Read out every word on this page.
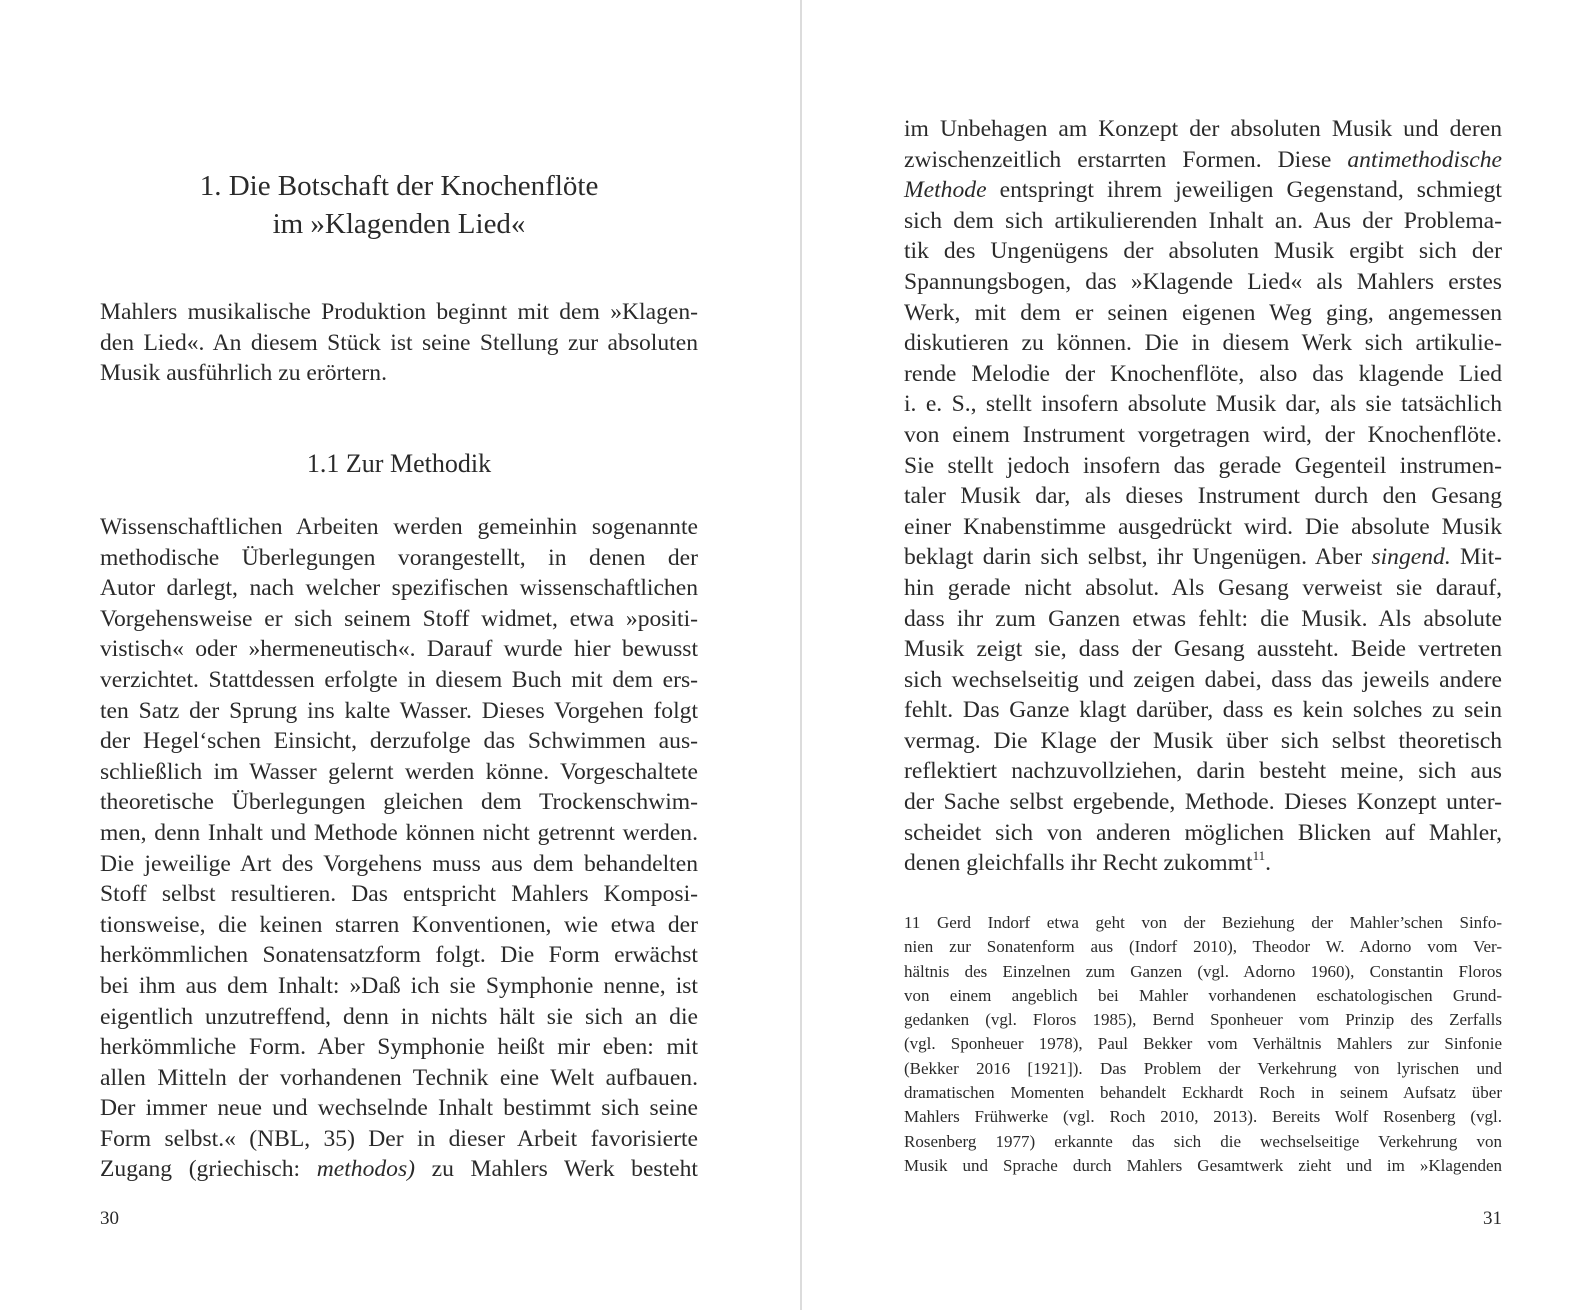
1. Die Botschaft der Knochenflöte
im »Klagenden Lied«
Mahlers musikalische Produktion beginnt mit dem »Klagen-
den Lied«. An diesem Stück ist seine Stellung zur absoluten
Musik ausführlich zu erörtern.
1.1 Zur Methodik
Wissenschaftlichen Arbeiten werden gemeinhin sogenannte
methodische Überlegungen vorangestellt, in denen der
Autor darlegt, nach welcher spezifischen wissenschaftlichen
Vorgehensweise er sich seinem Stoff widmet, etwa »positi-
vistisch« oder »hermeneutisch«. Darauf wurde hier bewusst
verzichtet. Stattdessen erfolgte in diesem Buch mit dem ers-
ten Satz der Sprung ins kalte Wasser. Dieses Vorgehen folgt
der Hegel‘schen Einsicht, derzufolge das Schwimmen aus-
schließlich im Wasser gelernt werden könne. Vorgeschaltete
theoretische Überlegungen gleichen dem Trockenschwim-
men, denn Inhalt und Methode können nicht getrennt werden.
Die jeweilige Art des Vorgehens muss aus dem behandelten
Stoff selbst resultieren. Das entspricht Mahlers Komposi-
tionsweise, die keinen starren Konventionen, wie etwa der
herkömmlichen Sonatensatzform folgt. Die Form erwächst
bei ihm aus dem Inhalt: »Daß ich sie Symphonie nenne, ist
eigentlich unzutreffend, denn in nichts hält sie sich an die
herkömmliche Form. Aber Symphonie heißt mir eben: mit
allen Mitteln der vorhandenen Technik eine Welt aufbauen.
Der immer neue und wechselnde Inhalt bestimmt sich seine
Form selbst.« (NBL, 35) Der in dieser Arbeit favorisierte
Zugang (griechisch: methodos) zu Mahlers Werk besteht

30

im Unbehagen am Konzept der absoluten Musik und deren
zwischenzeitlich erstarrten Formen. Diese antimethodische
Methode entspringt ihrem jeweiligen Gegenstand, schmiegt
sich dem sich artikulierenden Inhalt an. Aus der Problema-
tik des Ungenügens der absoluten Musik ergibt sich der
Spannungsbogen, das »Klagende Lied« als Mahlers erstes
Werk, mit dem er seinen eigenen Weg ging, angemessen
diskutieren zu können. Die in diesem Werk sich artikulie-
rende Melodie der Knochenflöte, also das klagende Lied
i. e. S., stellt insofern absolute Musik dar, als sie tatsächlich
von einem Instrument vorgetragen wird, der Knochenflöte.
Sie stellt jedoch insofern das gerade Gegenteil instrumen-
taler Musik dar, als dieses Instrument durch den Gesang
einer Knabenstimme ausgedrückt wird. Die absolute Musik
beklagt darin sich selbst, ihr Ungenügen. Aber singend. Mit-
hin gerade nicht absolut. Als Gesang verweist sie darauf,
dass ihr zum Ganzen etwas fehlt: die Musik. Als absolute
Musik zeigt sie, dass der Gesang aussteht. Beide vertreten
sich wechselseitig und zeigen dabei, dass das jeweils andere
fehlt. Das Ganze klagt darüber, dass es kein solches zu sein
vermag. Die Klage der Musik über sich selbst theoretisch
reflektiert nachzuvollziehen, darin besteht meine, sich aus
der Sache selbst ergebende, Methode. Dieses Konzept unter-
scheidet sich von anderen möglichen Blicken auf Mahler,
denen gleichfalls ihr Recht zukommt$^{11}$.
11 Gerd Indorf etwa geht von der Beziehung der Mahler’schen Sinfo-
nien zur Sonatenform aus (Indorf 2010), Theodor W. Adorno vom Ver-
hältnis des Einzelnen zum Ganzen (vgl. Adorno 1960), Constantin Floros
von einem angeblich bei Mahler vorhandenen eschatologischen Grund-
gedanken (vgl. Floros 1985), Bernd Sponheuer vom Prinzip des Zerfalls
(vgl. Sponheuer 1978), Paul Bekker vom Verhältnis Mahlers zur Sinfonie
(Bekker 2016 [1921]). Das Problem der Verkehrung von lyrischen und
dramatischen Momenten behandelt Eckhardt Roch in seinem Aufsatz über
Mahlers Frühwerke (vgl. Roch 2010, 2013). Bereits Wolf Rosenberg (vgl.
Rosenberg 1977) erkannte das sich die wechselseitige Verkehrung von
Musik und Sprache durch Mahlers Gesamtwerk zieht und im »Klagenden

31
